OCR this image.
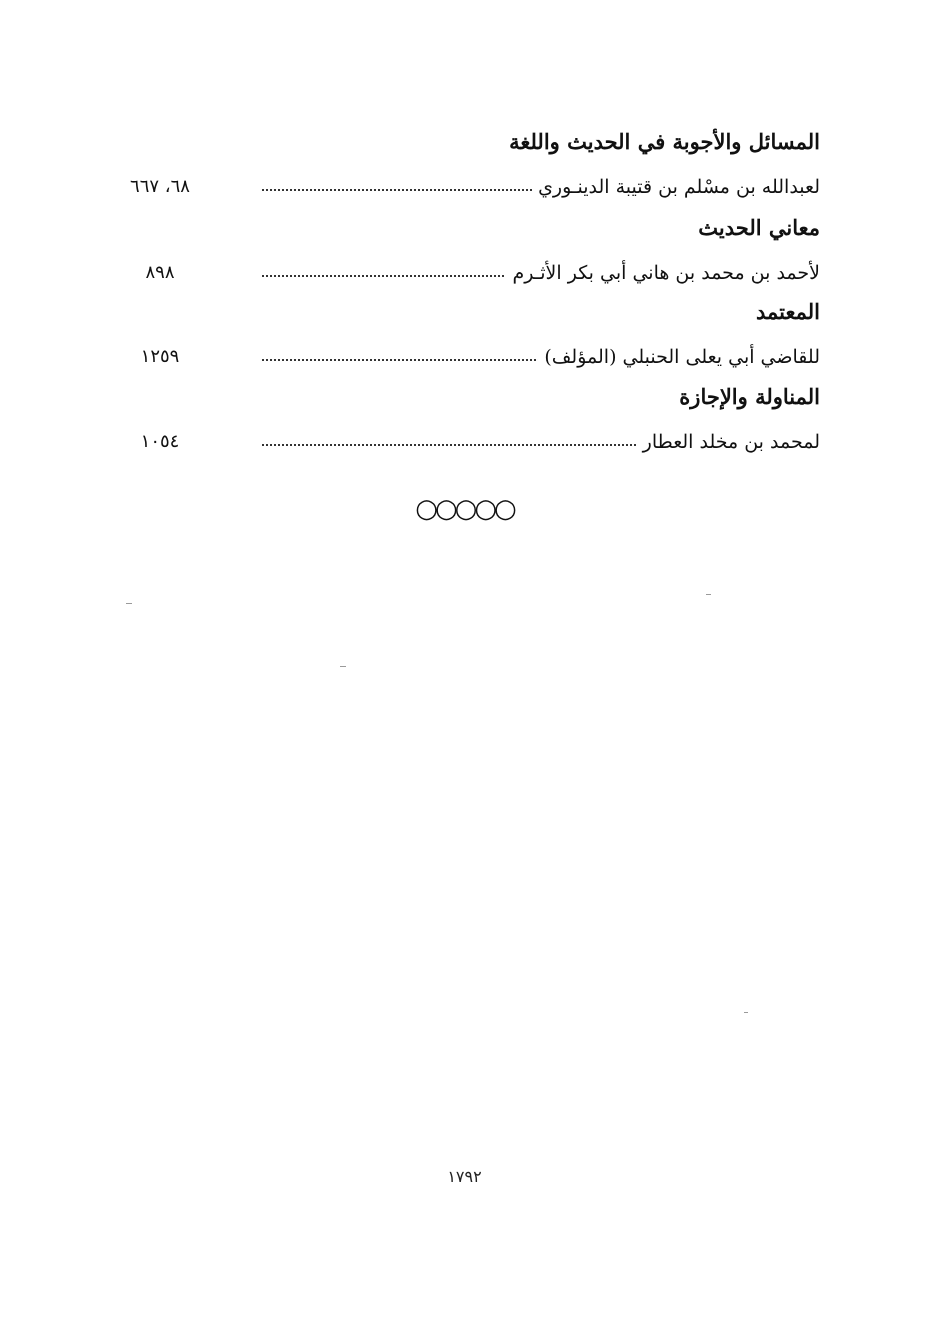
المسائل والأجوبة في الحديث واللغة
لعبدالله بن مسْلم بن قتيبة الدينـوري
٦٨، ٦٦٧
معاني الحديث
لأحمد بن محمد بن هاني أبي بكر الأثـرم
٨٩٨
المعتمد
للقاضي أبي يعلى الحنبلي (المؤلف)
١٢٥٩
المناولة والإجازة
لمحمد بن مخلد العطار
١٠٥٤
○○○○○
١٧٩٢
